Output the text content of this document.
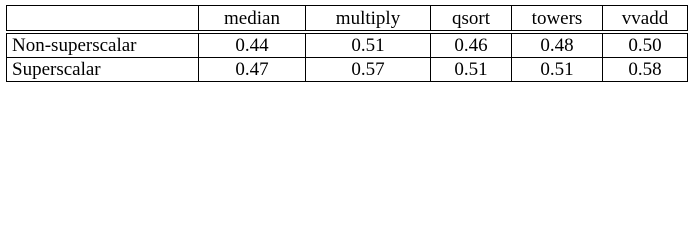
	median	multiply	qsort	towers	vvadd
Non-superscalar	0.44	0.51	0.46	0.48	0.50
Superscalar	0.47	0.57	0.51	0.51	0.58
